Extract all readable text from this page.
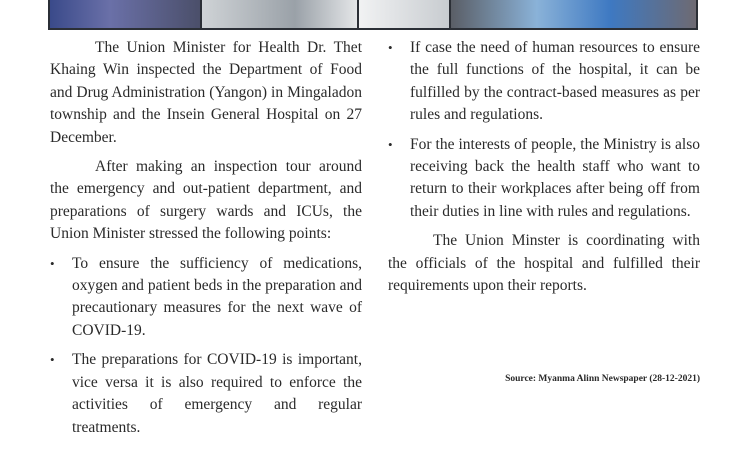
The Union Minister for Health Dr. Thet Khaing Win inspected the Department of Food and Drug Administration (Yangon) in Mingaladon township and the Insein General Hospital on 27 December.

After making an inspection tour around the emergency and out-patient department, and preparations of surgery wards and ICUs, the Union Minister stressed the following points:

•	To ensure the sufficiency of medications, oxygen and patient beds in the preparation and precautionary measures for the next wave of COVID-19.
•	The preparations for COVID-19 is important, vice versa it is also required to enforce the activities of emergency and regular treatments.
•	If case the need of human resources to ensure the full functions of the hospital, it can be fulfilled by the contract-based measures as per rules and regulations.
•	For the interests of people, the Ministry is also receiving back the health staff who want to return to their workplaces after being off from their duties in line with rules and regulations.

The Union Minster is coordinating with the officials of the hospital and fulfilled their requirements upon their reports.

Source: Myanma Alinn Newspaper (28-12-2021)
